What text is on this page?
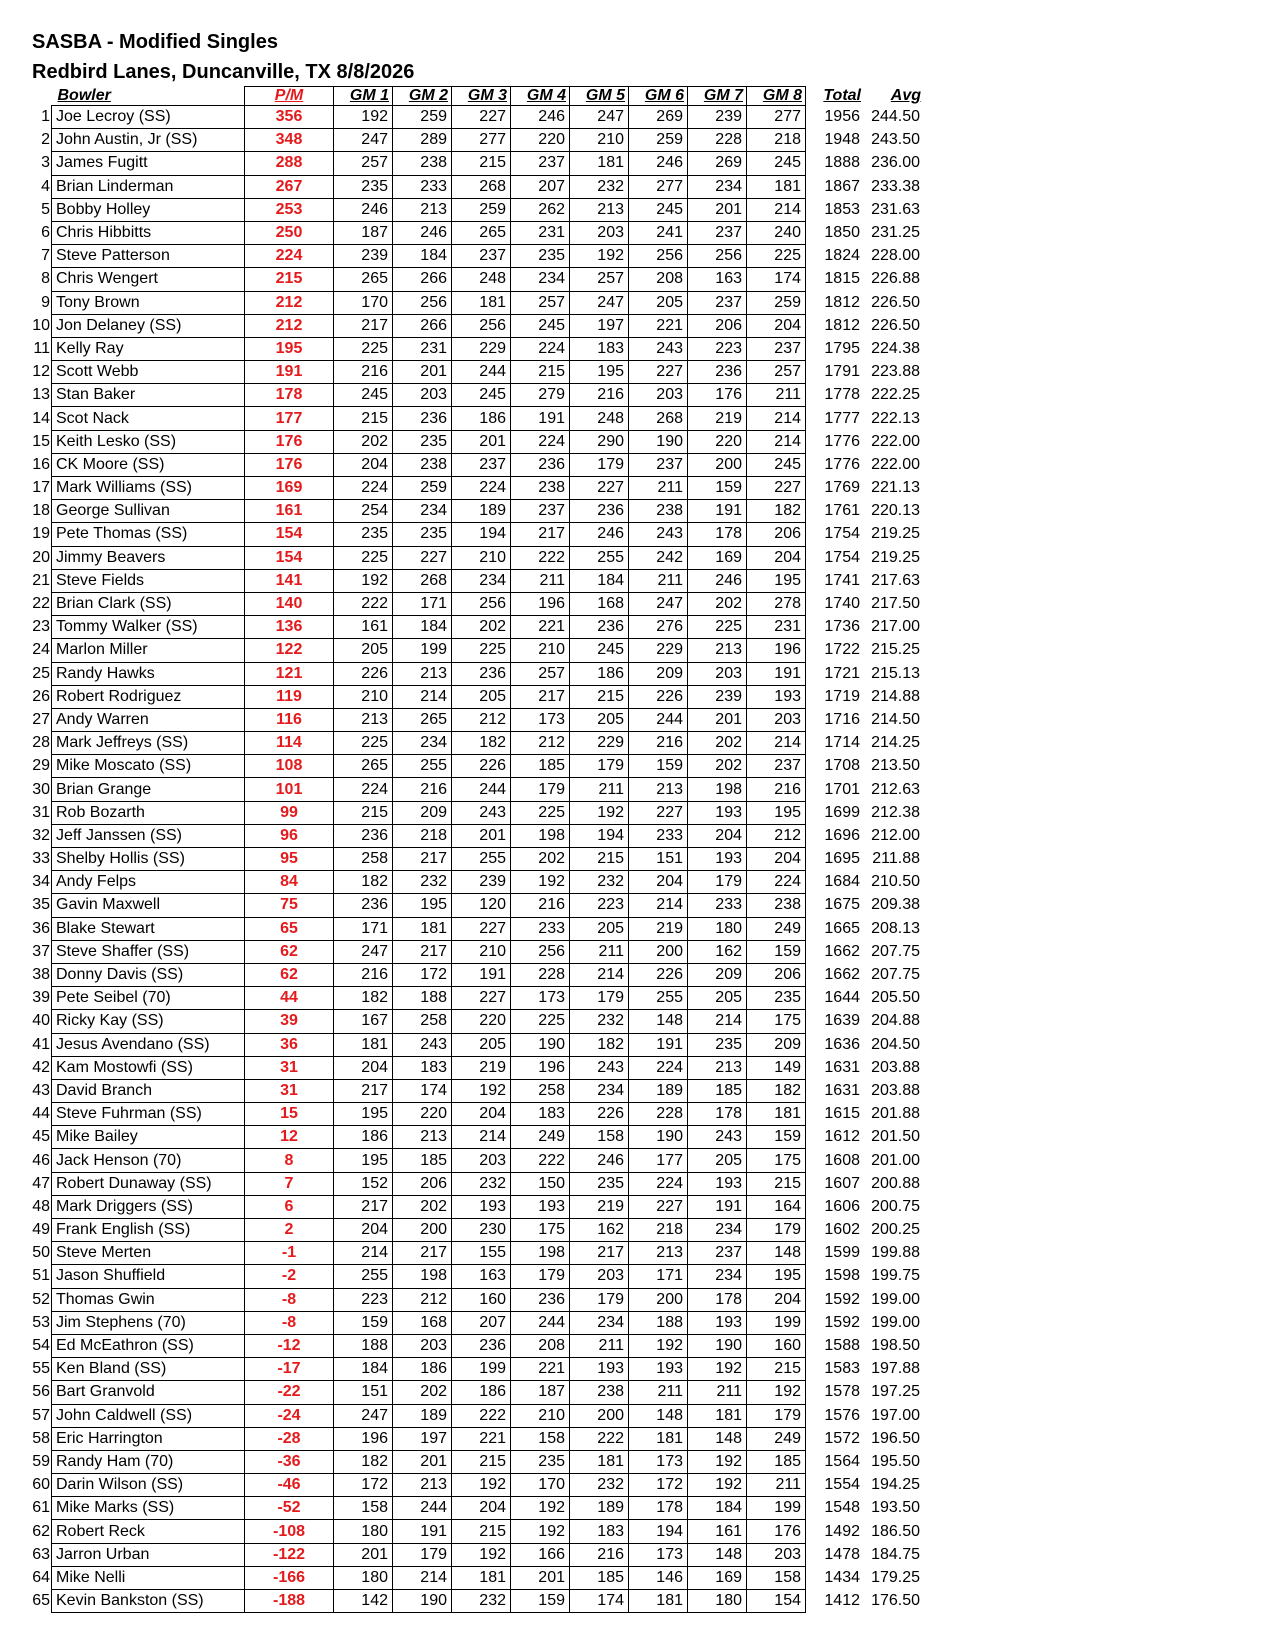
SASBA - Modified Singles
Redbird Lanes, Duncanville, TX 8/8/2026
	Bowler	P/M	GM 1	GM 2	GM 3	GM 4	GM 5	GM 6	GM 7	GM 8	Total	Avg
1	Joe Lecroy (SS)	356	192	259	227	246	247	269	239	277	1956	244.50
2	John Austin, Jr (SS)	348	247	289	277	220	210	259	228	218	1948	243.50
3	James Fugitt	288	257	238	215	237	181	246	269	245	1888	236.00
4	Brian Linderman	267	235	233	268	207	232	277	234	181	1867	233.38
5	Bobby Holley	253	246	213	259	262	213	245	201	214	1853	231.63
6	Chris Hibbitts	250	187	246	265	231	203	241	237	240	1850	231.25
7	Steve Patterson	224	239	184	237	235	192	256	256	225	1824	228.00
8	Chris Wengert	215	265	266	248	234	257	208	163	174	1815	226.88
9	Tony Brown	212	170	256	181	257	247	205	237	259	1812	226.50
10	Jon Delaney (SS)	212	217	266	256	245	197	221	206	204	1812	226.50
11	Kelly Ray	195	225	231	229	224	183	243	223	237	1795	224.38
12	Scott Webb	191	216	201	244	215	195	227	236	257	1791	223.88
13	Stan Baker	178	245	203	245	279	216	203	176	211	1778	222.25
14	Scot Nack	177	215	236	186	191	248	268	219	214	1777	222.13
15	Keith Lesko (SS)	176	202	235	201	224	290	190	220	214	1776	222.00
16	CK Moore (SS)	176	204	238	237	236	179	237	200	245	1776	222.00
17	Mark Williams (SS)	169	224	259	224	238	227	211	159	227	1769	221.13
18	George Sullivan	161	254	234	189	237	236	238	191	182	1761	220.13
19	Pete Thomas (SS)	154	235	235	194	217	246	243	178	206	1754	219.25
20	Jimmy Beavers	154	225	227	210	222	255	242	169	204	1754	219.25
21	Steve Fields	141	192	268	234	211	184	211	246	195	1741	217.63
22	Brian Clark (SS)	140	222	171	256	196	168	247	202	278	1740	217.50
23	Tommy Walker (SS)	136	161	184	202	221	236	276	225	231	1736	217.00
24	Marlon Miller	122	205	199	225	210	245	229	213	196	1722	215.25
25	Randy Hawks	121	226	213	236	257	186	209	203	191	1721	215.13
26	Robert Rodriguez	119	210	214	205	217	215	226	239	193	1719	214.88
27	Andy Warren	116	213	265	212	173	205	244	201	203	1716	214.50
28	Mark Jeffreys (SS)	114	225	234	182	212	229	216	202	214	1714	214.25
29	Mike Moscato (SS)	108	265	255	226	185	179	159	202	237	1708	213.50
30	Brian Grange	101	224	216	244	179	211	213	198	216	1701	212.63
31	Rob Bozarth	99	215	209	243	225	192	227	193	195	1699	212.38
32	Jeff Janssen (SS)	96	236	218	201	198	194	233	204	212	1696	212.00
33	Shelby Hollis (SS)	95	258	217	255	202	215	151	193	204	1695	211.88
34	Andy Felps	84	182	232	239	192	232	204	179	224	1684	210.50
35	Gavin Maxwell	75	236	195	120	216	223	214	233	238	1675	209.38
36	Blake Stewart	65	171	181	227	233	205	219	180	249	1665	208.13
37	Steve Shaffer (SS)	62	247	217	210	256	211	200	162	159	1662	207.75
38	Donny Davis (SS)	62	216	172	191	228	214	226	209	206	1662	207.75
39	Pete Seibel (70)	44	182	188	227	173	179	255	205	235	1644	205.50
40	Ricky Kay (SS)	39	167	258	220	225	232	148	214	175	1639	204.88
41	Jesus Avendano (SS)	36	181	243	205	190	182	191	235	209	1636	204.50
42	Kam Mostowfi (SS)	31	204	183	219	196	243	224	213	149	1631	203.88
43	David Branch	31	217	174	192	258	234	189	185	182	1631	203.88
44	Steve Fuhrman (SS)	15	195	220	204	183	226	228	178	181	1615	201.88
45	Mike Bailey	12	186	213	214	249	158	190	243	159	1612	201.50
46	Jack Henson (70)	8	195	185	203	222	246	177	205	175	1608	201.00
47	Robert Dunaway (SS)	7	152	206	232	150	235	224	193	215	1607	200.88
48	Mark Driggers (SS)	6	217	202	193	193	219	227	191	164	1606	200.75
49	Frank English (SS)	2	204	200	230	175	162	218	234	179	1602	200.25
50	Steve Merten	-1	214	217	155	198	217	213	237	148	1599	199.88
51	Jason Shuffield	-2	255	198	163	179	203	171	234	195	1598	199.75
52	Thomas Gwin	-8	223	212	160	236	179	200	178	204	1592	199.00
53	Jim Stephens (70)	-8	159	168	207	244	234	188	193	199	1592	199.00
54	Ed McEathron (SS)	-12	188	203	236	208	211	192	190	160	1588	198.50
55	Ken Bland (SS)	-17	184	186	199	221	193	193	192	215	1583	197.88
56	Bart Granvold	-22	151	202	186	187	238	211	211	192	1578	197.25
57	John Caldwell (SS)	-24	247	189	222	210	200	148	181	179	1576	197.00
58	Eric Harrington	-28	196	197	221	158	222	181	148	249	1572	196.50
59	Randy Ham (70)	-36	182	201	215	235	181	173	192	185	1564	195.50
60	Darin Wilson (SS)	-46	172	213	192	170	232	172	192	211	1554	194.25
61	Mike Marks (SS)	-52	158	244	204	192	189	178	184	199	1548	193.50
62	Robert Reck	-108	180	191	215	192	183	194	161	176	1492	186.50
63	Jarron Urban	-122	201	179	192	166	216	173	148	203	1478	184.75
64	Mike Nelli	-166	180	214	181	201	185	146	169	158	1434	179.25
65	Kevin Bankston (SS)	-188	142	190	232	159	174	181	180	154	1412	176.50
